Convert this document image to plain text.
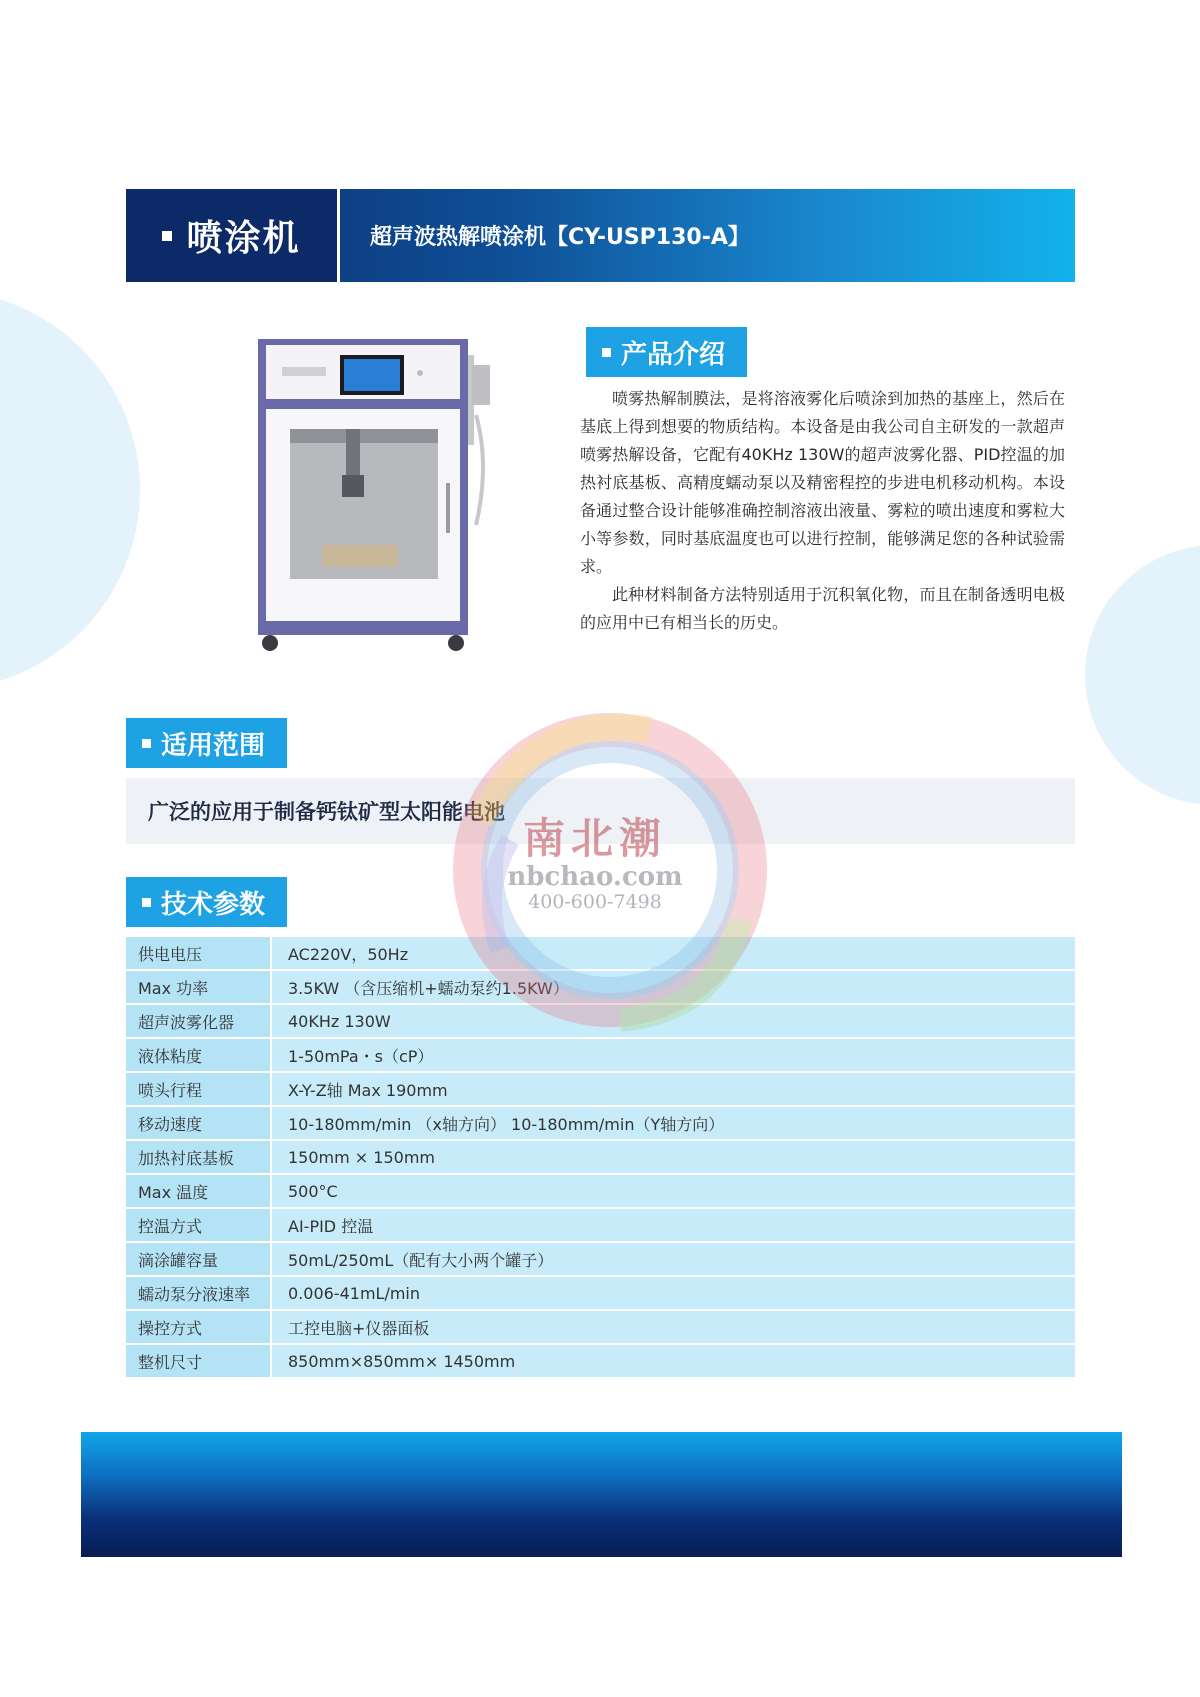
喷涂机	超声波热解喷涂机【CY-USP130-A】
产品介绍

喷雾热解制膜法，是将溶液雾化后喷涂到加热的基座上，然后在基底上得到想要的物质结构。本设备是由我公司自主研发的一款超声喷雾热解设备，它配有40KHz 130W的超声波雾化器、PID控温的加热衬底基板、高精度蠕动泵以及精密程控的步进电机移动机构。本设备通过整合设计能够准确控制溶液出液量、雾粒的喷出速度和雾粒大小等参数，同时基底温度也可以进行控制，能够满足您的各种试验需求。

此种材料制备方法特别适用于沉积氧化物，而且在制备透明电极的应用中已有相当长的历史。

适用范围
广泛的应用于制备钙钛矿型太阳能电池
技术参数
供电电压	AC220V，50Hz
Max 功率	3.5KW （含压缩机+蠕动泵约1.5KW）
超声波雾化器	40KHz 130W
液体粘度	1-50mPa・s（cP）
喷头行程	X-Y-Z轴 Max 190mm
移动速度	10-180mm/min （x轴方向） 10-180mm/min（Y轴方向）
加热衬底基板	150mm × 150mm
Max 温度	500°C
控温方式	AI-PID 控温
滴涂罐容量	50mL/250mL（配有大小两个罐子）
蠕动泵分液速率	0.006-41mL/min
操控方式	工控电脑+仪器面板
整机尺寸	850mm×850mm× 1450mm
南北潮
nbchao.com
400-600-7498
